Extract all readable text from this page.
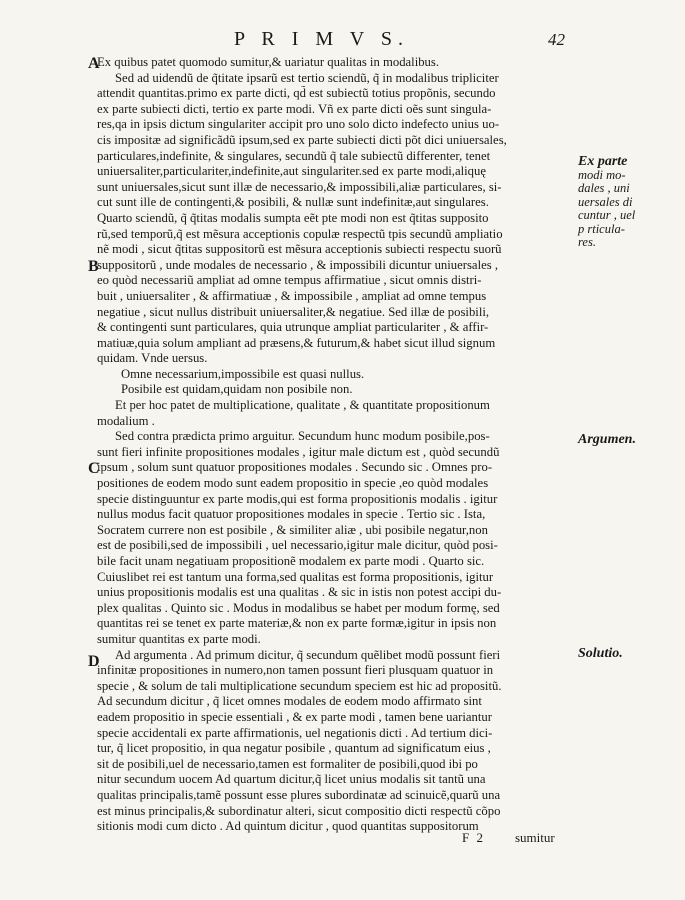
P R I M V S.	42
A
B
C
D
Ex quibus patet quomodo sumitur,& uariatur qualitas in modalibus.
Sed ad uidendũ de q̃titate ipsarũ est tertio sciendũ, q̃ in modalibus tripliciter
attendit quantitas.primo ex parte dicti, qd̃ est subiectũ totius propõnis, secundo
ex parte subiecti dicti, tertio ex parte modi. Vñ ex parte dicti oẽs sunt singula-
res,qa in ipsis dictum singulariter accipit pro uno solo dicto indefecto unius uo-
cis impositæ ad significãdũ ipsum,sed ex parte subiecti dicti põt dici uniuersales,
particulares,indefinite, & singulares, secundũ q̃ tale subiectũ differenter, tenet
uniuersaliter,particulariter,indefinite,aut singulariter.sed ex parte modi,aliquę
sunt uniuersales,sicut sunt illæ de necessario,& impossibili,aliæ particulares, si-
cut sunt ille de contingenti,& posibili, & nullæ sunt indefinitæ,aut singulares.
Quarto sciendũ, q̃ q̃titas modalis sumpta eẽt pte modi non est q̃titas supposito
rũ,sed temporũ,q̃ est mẽsura acceptionis copulæ respectũ tpis secundũ ampliatio
nẽ modi , sicut q̃titas suppositorũ est mẽsura acceptionis subiecti respectu suorũ
suppositorũ , unde modales de necessario , & impossibili dicuntur uniuersales ,
eo quòd necessariũ ampliat ad omne tempus affirmatiue , sicut omnis distri-
buit , uniuersaliter , & affirmatiuæ , & impossibile , ampliat ad omne tempus
negatiue , sicut nullus distribuit uniuersaliter,& negatiue. Sed illæ de posibili,
& contingenti sunt particulares, quia utrunque ampliat particulariter , & affir-
matiuæ,quia solum ampliant ad præsens,& futurum,& habet sicut illud signum
quidam. Vnde uersus.
Omne necessarium,impossibile est quasi nullus.
Posibile est quidam,quidam non posibile non.
Et per hoc patet de multiplicatione, qualitate , & quantitate propositionum
modalium .
Sed contra prædicta primo arguitur. Secundum hunc modum posibile,pos-
sunt fieri infinite propositiones modales , igitur male dictum est , quòd secundũ
ipsum , solum sunt quatuor propositiones modales . Secundo sic . Omnes pro-
positiones de eodem modo sunt eadem propositio in specie ,eo quòd modales
specie distinguuntur ex parte modis,qui est forma propositionis modalis . igitur
nullus modus facit quatuor propositiones modales in specie . Tertio sic . Ista,
Socratem currere non est posibile , & similiter aliæ , ubi posibile negatur,non
est de posibili,sed de impossibili , uel necessario,igitur male dicitur, quòd posi-
bile facit unam negatiuam propositionẽ modalem ex parte modi . Quarto sic.
Cuiuslibet rei est tantum una forma,sed qualitas est forma propositionis, igitur
unius propositionis modalis est una qualitas . & sic in istis non potest accipi du-
plex qualitas . Quinto sic . Modus in modalibus se habet per modum formę, sed
quantitas rei se tenet ex parte materiæ,& non ex parte formæ,igitur in ipsis non
sumitur quantitas ex parte modi.
Ad argumenta . Ad primum dicitur, q̃ secundum quẽlibet modũ possunt fieri
infinitæ propositiones in numero,non tamen possunt fieri plusquam quatuor in
specie , & solum de tali multiplicatione secundum speciem est hic ad propositũ.
Ad secundum dicitur , q̃ licet omnes modales de eodem modo affirmato sint
eadem propositio in specie essentiali , & ex parte modi , tamen bene uariantur
specie accidentali ex parte affirmationis, uel negationis dicti . Ad tertium dici-
tur, q̃ licet propositio, in qua negatur posibile , quantum ad significatum eius ,
sit de posibili,uel de necessario,tamen est formaliter de posibili,quod ibi po
nitur secundum uocem Ad quartum dicitur,q̃ licet unius modalis sit tantũ una
qualitas principalis,tamẽ possunt esse plures subordinatæ ad scinuicẽ,quarũ una
est minus principalis,& subordinatur alteri, sicut compositio dicti respectũ cõpo
sitionis modi cum dicto . Ad quintum dicitur , quod quantitas suppositorum
Ex parte
modi mo-
dales , uni
uersales di
cuntur , uel
p rticula-
res.
Argumen.
Solutio.
F 2 sumitur
